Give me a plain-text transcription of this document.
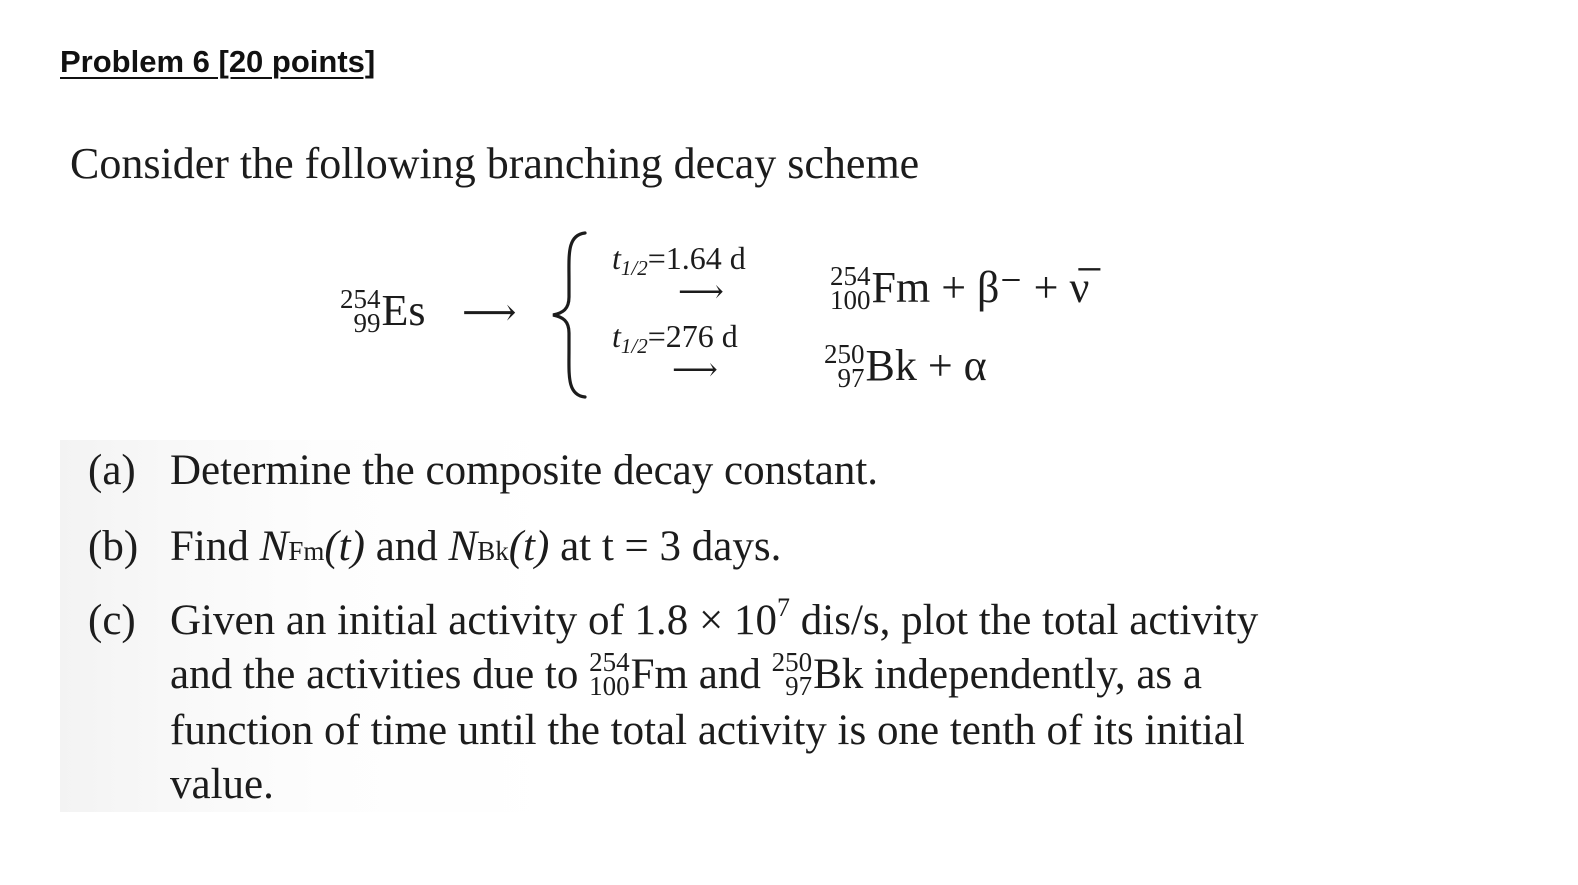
Problem 6 [20 points]
Consider the following branching decay scheme
254
99 Es ⟶
t1/2=1.64 d
⟶	254
100 Fm + β⁻ + ν̅
t1/2=276 d
⟶	250
97 Bk + α
(a) Determine the composite decay constant.
(b) Find NFm(t) and NBk(t) at t = 3 days.
(c) Given an initial activity of $1.8 \times 10^7$ dis/s, plot the total activity
and the activities due to 254
100 Fm and 250
97 Bk independently, as a
function of time until the total activity is one tenth of its initial
value.
